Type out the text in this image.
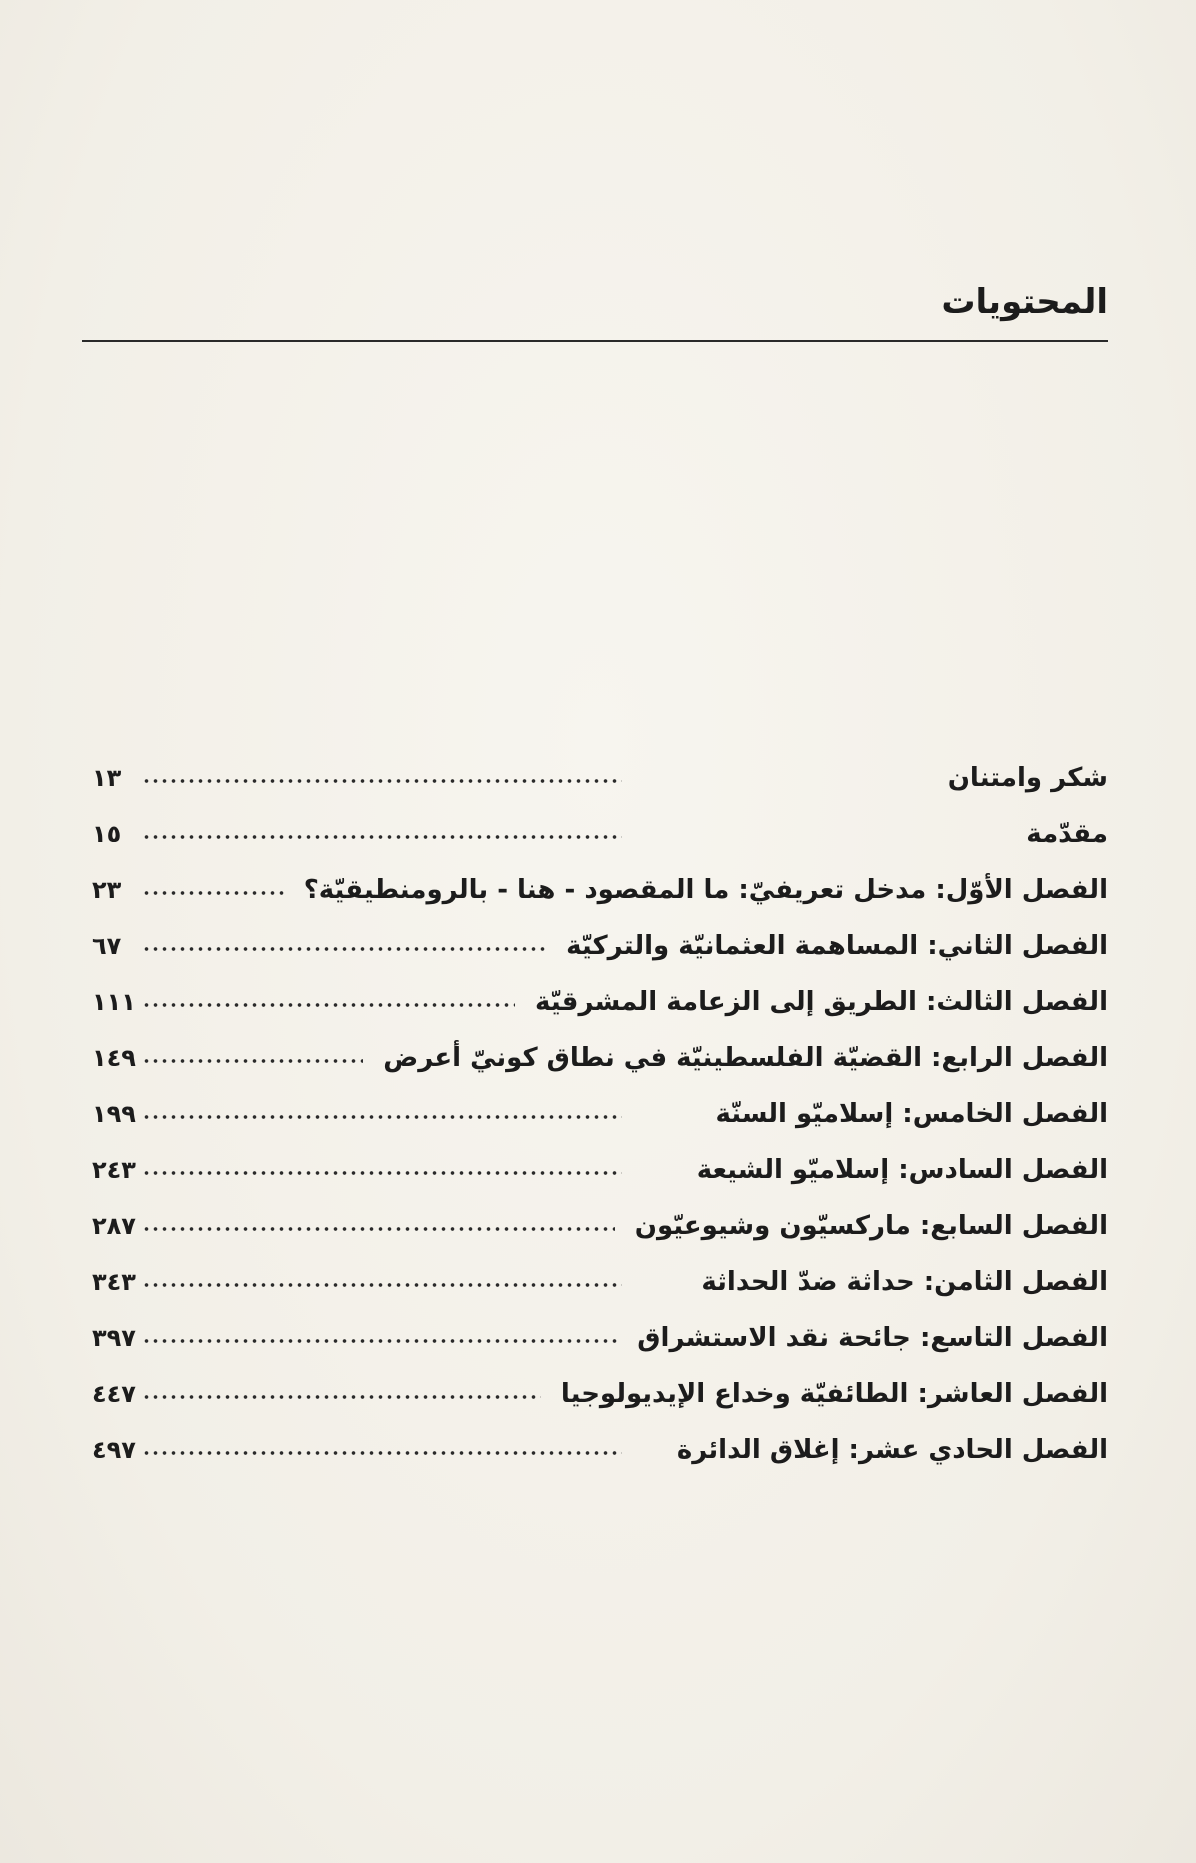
المحتويات
شكر وامتنان
١٣
مقدّمة
١٥
الفصل الأوّل: مدخل تعريفيّ: ما المقصود - هنا - بالرومنطيقيّة؟
٢٣
الفصل الثاني: المساهمة العثمانيّة والتركيّة
٦٧
الفصل الثالث: الطريق إلى الزعامة المشرقيّة
١١١
الفصل الرابع: القضيّة الفلسطينيّة في نطاق كونيّ أعرض
١٤٩
الفصل الخامس: إسلاميّو السنّة
١٩٩
الفصل السادس: إسلاميّو الشيعة
٢٤٣
الفصل السابع: ماركسيّون وشيوعيّون
٢٨٧
الفصل الثامن: حداثة ضدّ الحداثة
٣٤٣
الفصل التاسع: جائحة نقد الاستشراق
٣٩٧
الفصل العاشر: الطائفيّة وخداع الإيديولوجيا
٤٤٧
الفصل الحادي عشر: إغلاق الدائرة
٤٩٧
